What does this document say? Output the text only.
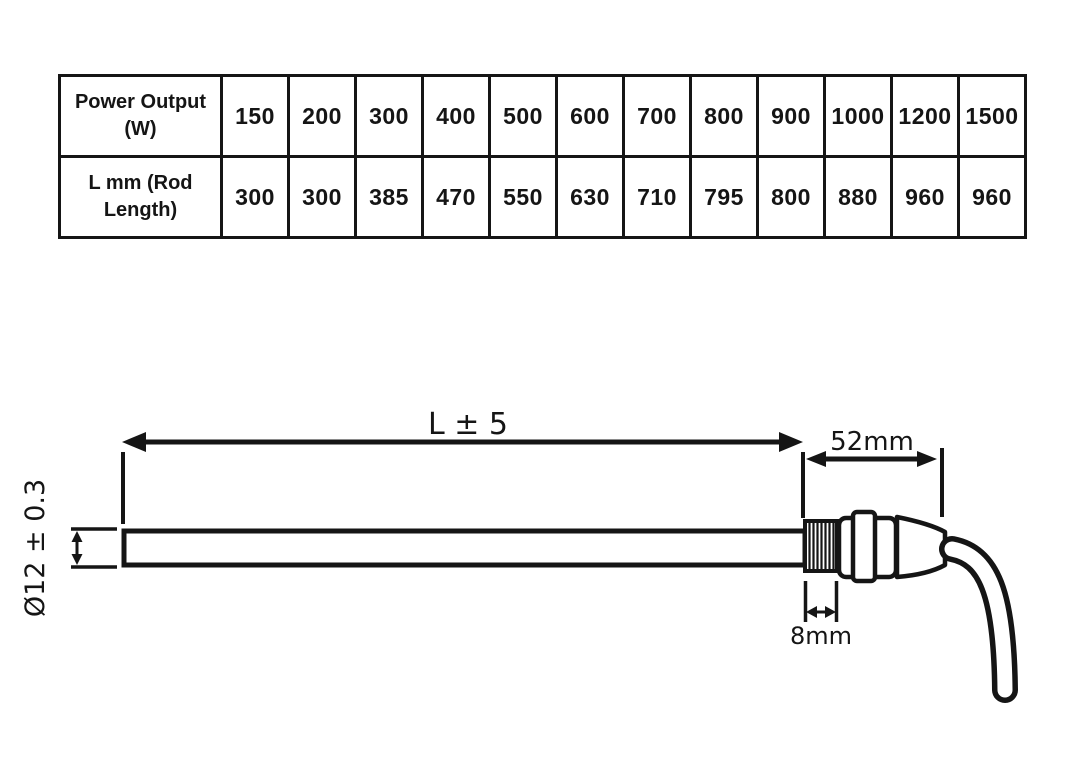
Power Output (W)	150	200	300	400	500	600	700	800	900	1000	1200	1500
L mm (Rod Length)	300	300	385	470	550	630	710	795	800	880	960	960
L ± 5	52mm
Ø12 ± 0.3
8mm
